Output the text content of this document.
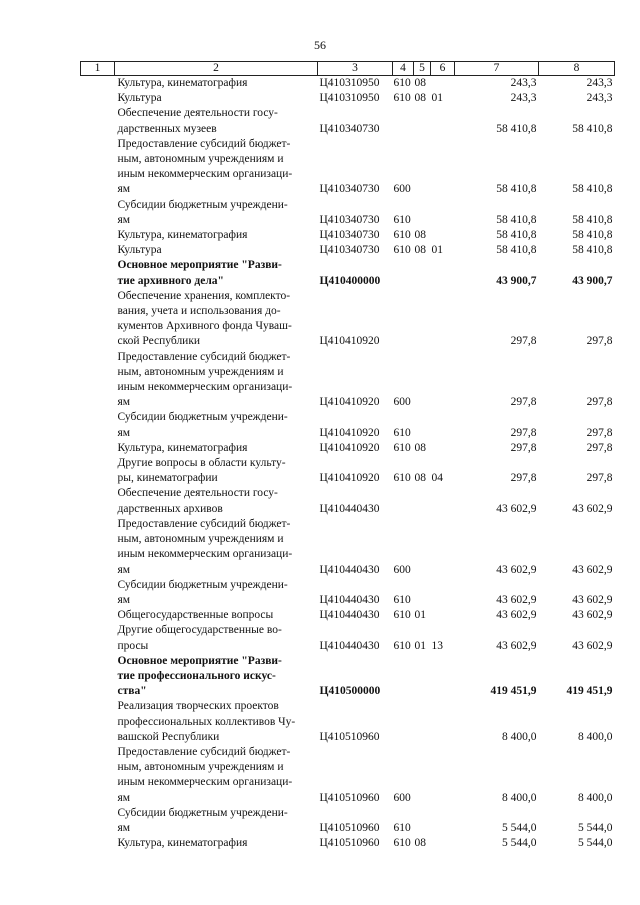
56
1	2	3	4	5	6	7	8
	Культура, кинематография	Ц410310950	610	08		243,3	243,3
	Культура	Ц410310950	610	08	01	243,3	243,3
	Обеспечение деятельности госу-
дарственных музеев	Ц410340730				58 410,8	58 410,8
	Предоставление субсидий бюджет-
ным, автономным учреждениям и
иным некоммерческим организаци-
ям	Ц410340730	600			58 410,8	58 410,8
	Субсидии бюджетным учреждени-
ям	Ц410340730	610			58 410,8	58 410,8
	Культура, кинематография	Ц410340730	610	08		58 410,8	58 410,8
	Культура	Ц410340730	610	08	01	58 410,8	58 410,8
	Основное мероприятие "Разви-
тие архивного дела"	Ц410400000				43 900,7	43 900,7
	Обеспечение хранения, комплекто-
вания, учета и использования до-
кументов Архивного фонда Чуваш-
ской Республики	Ц410410920				297,8	297,8
	Предоставление субсидий бюджет-
ным, автономным учреждениям и
иным некоммерческим организаци-
ям	Ц410410920	600			297,8	297,8
	Субсидии бюджетным учреждени-
ям	Ц410410920	610			297,8	297,8
	Культура, кинематография	Ц410410920	610	08		297,8	297,8
	Другие вопросы в области культу-
ры, кинематографии	Ц410410920	610	08	04	297,8	297,8
	Обеспечение деятельности госу-
дарственных архивов	Ц410440430				43 602,9	43 602,9
	Предоставление субсидий бюджет-
ным, автономным учреждениям и
иным некоммерческим организаци-
ям	Ц410440430	600			43 602,9	43 602,9
	Субсидии бюджетным учреждени-
ям	Ц410440430	610			43 602,9	43 602,9
	Общегосударственные вопросы	Ц410440430	610	01		43 602,9	43 602,9
	Другие общегосударственные во-
просы	Ц410440430	610	01	13	43 602,9	43 602,9
	Основное мероприятие "Разви-
тие профессионального искус-
ства"	Ц410500000				419 451,9	419 451,9
	Реализация творческих проектов
профессиональных коллективов Чу-
вашской Республики	Ц410510960				8 400,0	8 400,0
	Предоставление субсидий бюджет-
ным, автономным учреждениям и
иным некоммерческим организаци-
ям	Ц410510960	600			8 400,0	8 400,0
	Субсидии бюджетным учреждени-
ям	Ц410510960	610			5 544,0	5 544,0
	Культура, кинематография	Ц410510960	610	08		5 544,0	5 544,0
